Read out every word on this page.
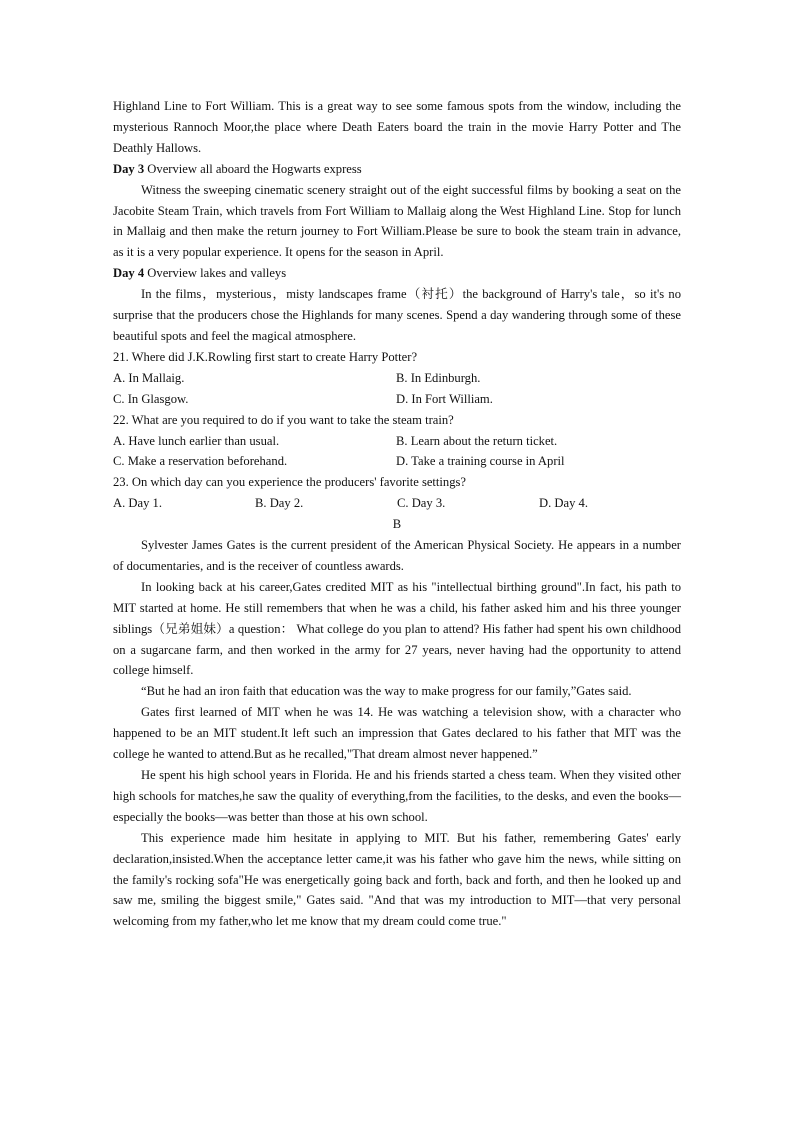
Highland Line to Fort William. This is a great way to see some famous spots from the window, including the mysterious Rannoch Moor,the place where Death Eaters board the train in the movie Harry Potter and The Deathly Hallows.

Day 3 Overview all aboard the Hogwarts express

Witness the sweeping cinematic scenery straight out of the eight successful films by booking a seat on the Jacobite Steam Train, which travels from Fort William to Mallaig along the West Highland Line. Stop for lunch in Mallaig and then make the return journey to Fort William.Please be sure to book the steam train in advance, as it is a very popular experience. It opens for the season in April.

Day 4 Overview lakes and valleys

In the films，mysterious，misty landscapes frame（衬托）the background of Harry's tale，so it's no surprise that the producers chose the Highlands for many scenes. Spend a day wandering through some of these beautiful spots and feel the magical atmosphere.

21. Where did J.K.Rowling first start to create Harry Potter?
A. In Mallaig.	B. In Edinburgh.
C. In Glasgow.	D. In Fort William.
22. What are you required to do if you want to take the steam train?
A. Have lunch earlier than usual.	B. Learn about the return ticket.
C. Make a reservation beforehand.	D. Take a training course in April
23. On which day can you experience the producers' favorite settings?
A. Day 1.	B. Day 2.	C. Day 3.	D. Day 4.
B

Sylvester James Gates is the current president of the American Physical Society. He appears in a number of documentaries, and is the receiver of countless awards.

In looking back at his career,Gates credited MIT as his "intellectual birthing ground".In fact, his path to MIT started at home. He still remembers that when he was a child, his father asked him and his three younger siblings（兄弟姐妹）a question： What college do you plan to attend? His father had spent his own childhood on a sugarcane farm, and then worked in the army for 27 years, never having had the opportunity to attend college himself.

“But he had an iron faith that education was the way to make progress for our family,”Gates said.

Gates first learned of MIT when he was 14. He was watching a television show, with a character who happened to be an MIT student.It left such an impression that Gates declared to his father that MIT was the college he wanted to attend.But as he recalled,"That dream almost never happened.”

He spent his high school years in Florida. He and his friends started a chess team. When they visited other high schools for matches,he saw the quality of everything,from the facilities, to the desks, and even the books—especially the books—was better than those at his own school.

This experience made him hesitate in applying to MIT. But his father, remembering Gates' early declaration,insisted.When the acceptance letter came,it was his father who gave him the news, while sitting on the family's rocking sofa"He was energetically going back and forth, back and forth, and then he looked up and saw me, smiling the biggest smile," Gates said. "And that was my introduction to MIT—that very personal welcoming from my father,who let me know that my dream could come true."
